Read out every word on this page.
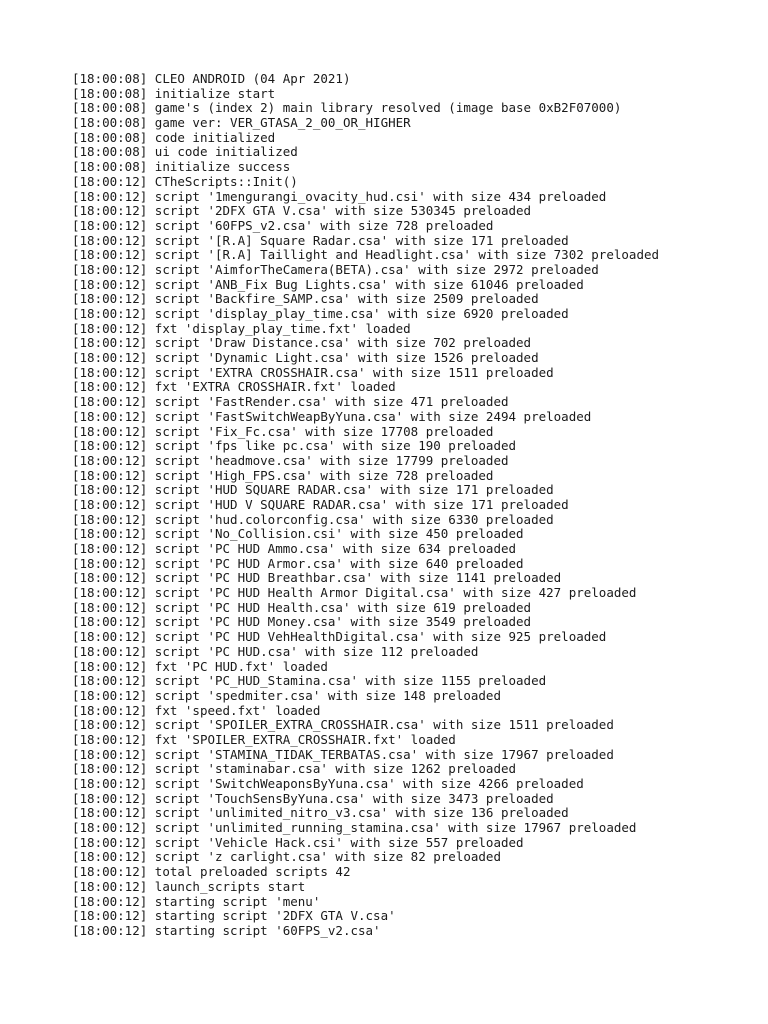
[18:00:08] CLEO ANDROID (04 Apr 2021)
[18:00:08] initialize start
[18:00:08] game's (index 2) main library resolved (image base 0xB2F07000)
[18:00:08] game ver: VER_GTASA_2_00_OR_HIGHER
[18:00:08] code initialized
[18:00:08] ui code initialized
[18:00:08] initialize success
[18:00:12] CTheScripts::Init()
[18:00:12] script '1mengurangi_ovacity_hud.csi' with size 434 preloaded
[18:00:12] script '2DFX GTA V.csa' with size 530345 preloaded
[18:00:12] script '60FPS_v2.csa' with size 728 preloaded
[18:00:12] script '[R.A] Square Radar.csa' with size 171 preloaded
[18:00:12] script '[R.A] Taillight and Headlight.csa' with size 7302 preloaded
[18:00:12] script 'AimforTheCamera(BETA).csa' with size 2972 preloaded
[18:00:12] script 'ANB_Fix Bug Lights.csa' with size 61046 preloaded
[18:00:12] script 'Backfire_SAMP.csa' with size 2509 preloaded
[18:00:12] script 'display_play_time.csa' with size 6920 preloaded
[18:00:12] fxt 'display_play_time.fxt' loaded
[18:00:12] script 'Draw Distance.csa' with size 702 preloaded
[18:00:12] script 'Dynamic Light.csa' with size 1526 preloaded
[18:00:12] script 'EXTRA CROSSHAIR.csa' with size 1511 preloaded
[18:00:12] fxt 'EXTRA CROSSHAIR.fxt' loaded
[18:00:12] script 'FastRender.csa' with size 471 preloaded
[18:00:12] script 'FastSwitchWeapByYuna.csa' with size 2494 preloaded
[18:00:12] script 'Fix_Fc.csa' with size 17708 preloaded
[18:00:12] script 'fps like pc.csa' with size 190 preloaded
[18:00:12] script 'headmove.csa' with size 17799 preloaded
[18:00:12] script 'High_FPS.csa' with size 728 preloaded
[18:00:12] script 'HUD SQUARE RADAR.csa' with size 171 preloaded
[18:00:12] script 'HUD V SQUARE RADAR.csa' with size 171 preloaded
[18:00:12] script 'hud.colorconfig.csa' with size 6330 preloaded
[18:00:12] script 'No_Collision.csi' with size 450 preloaded
[18:00:12] script 'PC HUD Ammo.csa' with size 634 preloaded
[18:00:12] script 'PC HUD Armor.csa' with size 640 preloaded
[18:00:12] script 'PC HUD Breathbar.csa' with size 1141 preloaded
[18:00:12] script 'PC HUD Health Armor Digital.csa' with size 427 preloaded
[18:00:12] script 'PC HUD Health.csa' with size 619 preloaded
[18:00:12] script 'PC HUD Money.csa' with size 3549 preloaded
[18:00:12] script 'PC HUD VehHealthDigital.csa' with size 925 preloaded
[18:00:12] script 'PC HUD.csa' with size 112 preloaded
[18:00:12] fxt 'PC HUD.fxt' loaded
[18:00:12] script 'PC_HUD_Stamina.csa' with size 1155 preloaded
[18:00:12] script 'spedmiter.csa' with size 148 preloaded
[18:00:12] fxt 'speed.fxt' loaded
[18:00:12] script 'SPOILER_EXTRA_CROSSHAIR.csa' with size 1511 preloaded
[18:00:12] fxt 'SPOILER_EXTRA_CROSSHAIR.fxt' loaded
[18:00:12] script 'STAMINA_TIDAK_TERBATAS.csa' with size 17967 preloaded
[18:00:12] script 'staminabar.csa' with size 1262 preloaded
[18:00:12] script 'SwitchWeaponsByYuna.csa' with size 4266 preloaded
[18:00:12] script 'TouchSensByYuna.csa' with size 3473 preloaded
[18:00:12] script 'unlimited_nitro_v3.csa' with size 136 preloaded
[18:00:12] script 'unlimited_running_stamina.csa' with size 17967 preloaded
[18:00:12] script 'Vehicle Hack.csi' with size 557 preloaded
[18:00:12] script 'z carlight.csa' with size 82 preloaded
[18:00:12] total preloaded scripts 42
[18:00:12] launch_scripts start
[18:00:12] starting script 'menu'
[18:00:12] starting script '2DFX GTA V.csa'
[18:00:12] starting script '60FPS_v2.csa'
